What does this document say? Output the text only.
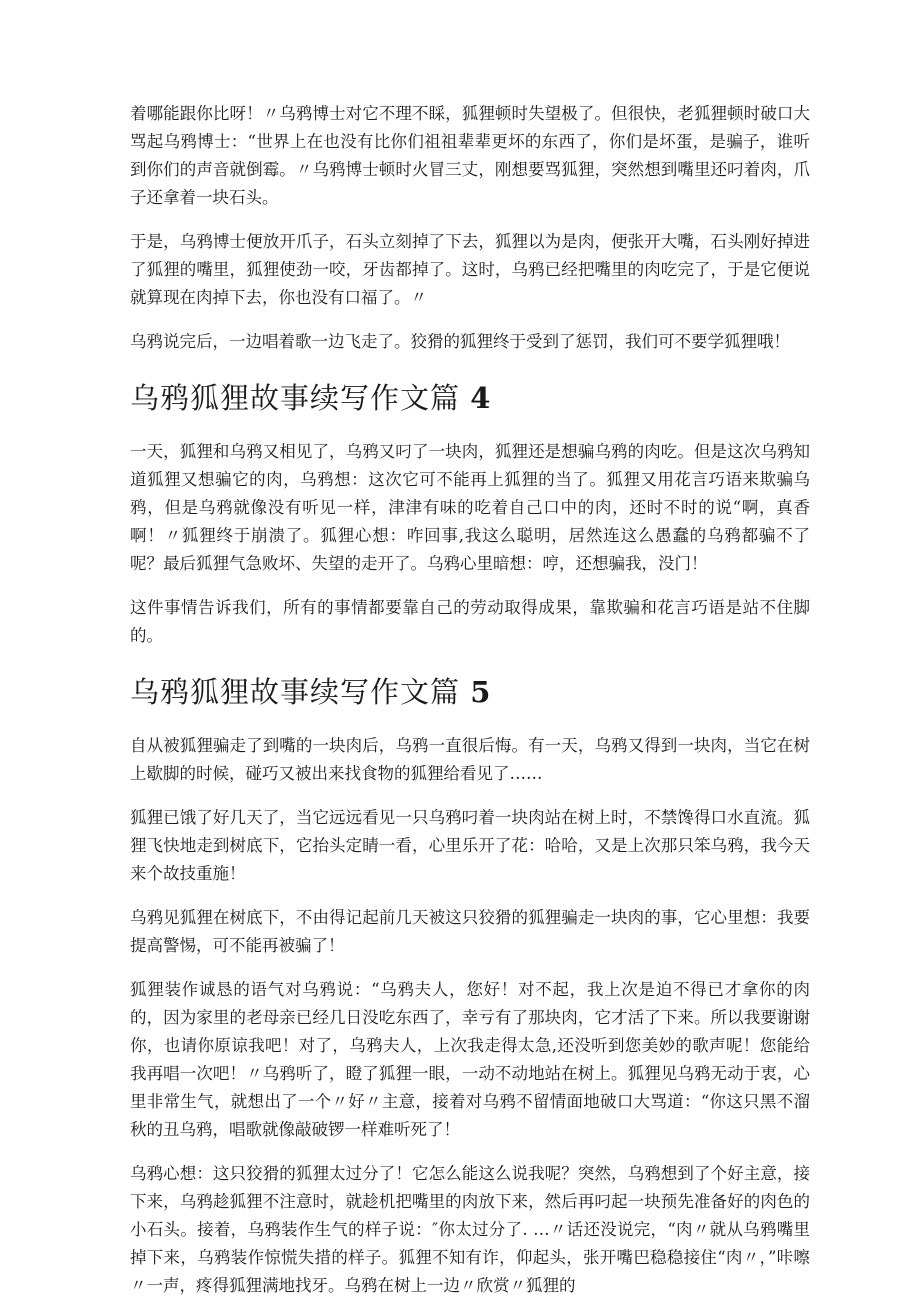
着哪能跟你比呀！〃乌鸦博士对它不理不睬，狐狸顿时失望极了。但很快，老狐狸顿时破口大骂起乌鸦博士：“世界上在也没有比你们祖祖辈辈更坏的东西了，你们是坏蛋，是骗子，谁听到你们的声音就倒霉。〃乌鸦博士顿时火冒三丈，刚想要骂狐狸，突然想到嘴里还叼着肉，爪子还拿着一块石头。

于是，乌鸦博士便放开爪子，石头立刻掉了下去，狐狸以为是肉，便张开大嘴，石头刚好掉进了狐狸的嘴里，狐狸使劲一咬，牙齿都掉了。这时，乌鸦已经把嘴里的肉吃完了，于是它便说就算现在肉掉下去，你也没有口福了。〃

乌鸦说完后，一边唱着歌一边飞走了。狡猾的狐狸终于受到了惩罚，我们可不要学狐狸哦！

乌鸦狐狸故事续写作文篇 4

一天，狐狸和乌鸦又相见了，乌鸦又叼了一块肉，狐狸还是想骗乌鸦的肉吃。但是这次乌鸦知道狐狸又想骗它的肉，乌鸦想：这次它可不能再上狐狸的当了。狐狸又用花言巧语来欺骗乌鸦，但是乌鸦就像没有听见一样，津津有味的吃着自己口中的肉，还时不时的说“啊，真香啊！〃狐狸终于崩溃了。狐狸心想：咋回事,我这么聪明，居然连这么愚蠢的乌鸦都骗不了呢？最后狐狸气急败坏、失望的走开了。乌鸦心里暗想：哼，还想骗我，没门！

这件事情告诉我们，所有的事情都要靠自己的劳动取得成果，靠欺骗和花言巧语是站不住脚的。

乌鸦狐狸故事续写作文篇 5

自从被狐狸骗走了到嘴的一块肉后，乌鸦一直很后悔。有一天，乌鸦又得到一块肉，当它在树上歇脚的时候，碰巧又被出来找食物的狐狸给看见了……

狐狸已饿了好几天了，当它远远看见一只乌鸦叼着一块肉站在树上时，不禁馋得口水直流。狐狸飞快地走到树底下，它抬头定睛一看，心里乐开了花：哈哈，又是上次那只笨乌鸦，我今天来个故技重施！

乌鸦见狐狸在树底下，不由得记起前几天被这只狡猾的狐狸骗走一块肉的事，它心里想：我要提高警惕，可不能再被骗了！

狐狸装作诚恳的语气对乌鸦说：“乌鸦夫人，您好！对不起，我上次是迫不得已才拿你的肉的，因为家里的老母亲已经几日没吃东西了，幸亏有了那块肉，它才活了下来。所以我要谢谢你，也请你原谅我吧！对了，乌鸦夫人，上次我走得太急,还没听到您美妙的歌声呢！您能给我再唱一次吧！〃乌鸦听了，瞪了狐狸一眼，一动不动地站在树上。狐狸见乌鸦无动于衷，心里非常生气，就想出了一个〃好〃主意，接着对乌鸦不留情面地破口大骂道：“你这只黑不溜秋的丑乌鸦，唱歌就像敲破锣一样难听死了！

乌鸦心想：这只狡猾的狐狸太过分了！它怎么能这么说我呢？突然，乌鸦想到了个好主意，接下来，乌鸦趁狐狸不注意时，就趁机把嘴里的肉放下来，然后再叼起一块预先准备好的肉色的小石头。接着，乌鸦装作生气的样子说：″你太过分了. …〃话还没说完，“肉〃就从乌鸦嘴里掉下来，乌鸦装作惊慌失措的样子。狐狸不知有诈，仰起头，张开嘴巴稳稳接住“肉〃，”咔嚓〃一声，疼得狐狸满地找牙。乌鸦在树上一边〃欣赏〃狐狸的
